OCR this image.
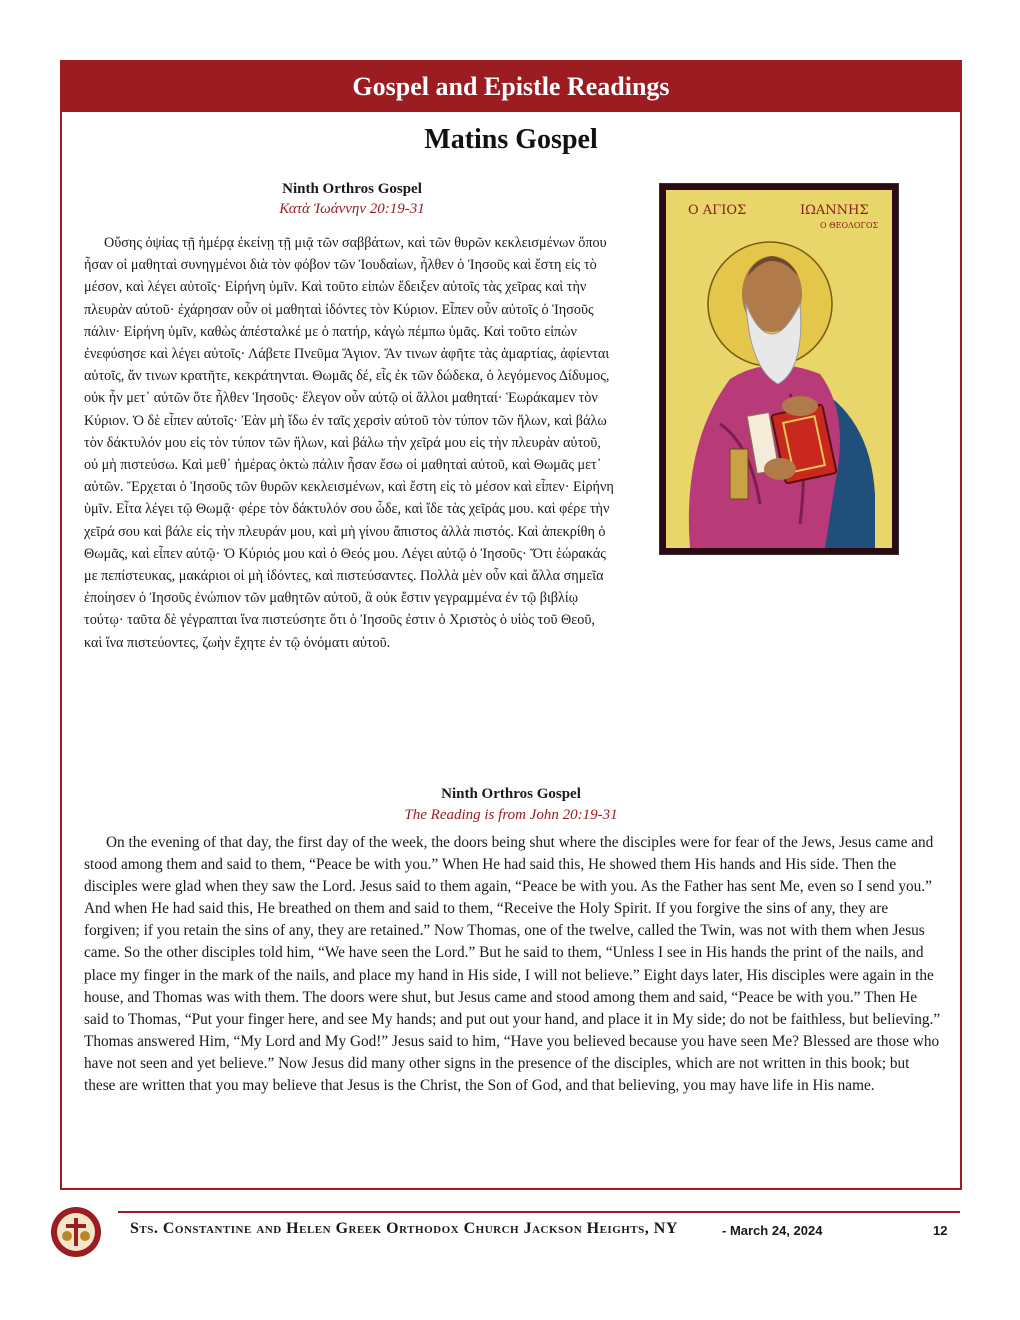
Gospel and Epistle Readings
Matins Gospel
Ninth Orthros Gospel
Κατὰ Ἰωάννην 20:19-31

Οὔσης ὀψίας τῇ ἡμέρᾳ ἐκείνῃ τῇ μιᾷ τῶν σαββάτων, καὶ τῶν θυρῶν κεκλεισμένων ὅπου ἦσαν οἱ μαθηταὶ συνηγμένοι διὰ τὸν φόβον τῶν Ἰουδαίων, ἦλθεν ὁ Ἰησοῦς καὶ ἔστη εἰς τὸ μέσον, καὶ λέγει αὐτοῖς· Εἰρήνη ὑμῖν. Καὶ τοῦτο εἰπὼν ἔδειξεν αὐτοῖς τὰς χεῖρας καὶ τὴν πλευρὰν αὐτοῦ· ἐχάρησαν οὖν οἱ μαθηταὶ ἰδόντες τὸν Κύριον. Εἶπεν οὖν αὐτοῖς ὁ Ἰησοῦς πάλιν· Εἰρήνη ὑμῖν, καθὼς ἀπέσταλκέ με ὁ πατήρ, κἀγὼ πέμπω ὑμᾶς. Καὶ τοῦτο εἰπὼν ἐνεφύσησε καὶ λέγει αὐτοῖς· Λάβετε Πνεῦμα Ἅγιον. Ἄν τινων ἀφῆτε τὰς ἁμαρτίας, ἀφίενται αὐτοῖς, ἄν τινων κρατῆτε, κεκράτηνται. Θωμᾶς δέ, εἷς ἐκ τῶν δώδεκα, ὁ λεγόμενος Δίδυμος, οὐκ ἦν μετ᾽ αὐτῶν ὅτε ἦλθεν Ἰησοῦς· ἔλεγον οὖν αὐτῷ οἱ ἄλλοι μαθηταί· Ἑωράκαμεν τὸν Κύριον. Ὁ δὲ εἶπεν αὐτοῖς· Ἐὰν μὴ ἴδω ἐν ταῖς χερσὶν αὐτοῦ τὸν τύπον τῶν ἥλων, καὶ βάλω τὸν δάκτυλόν μου εἰς τὸν τύπον τῶν ἥλων, καὶ βάλω τὴν χεῖρά μου εἰς τὴν πλευρὰν αὐτοῦ, οὐ μὴ πιστεύσω. Καὶ μεθ᾽ ἡμέρας ὀκτὼ πάλιν ἦσαν ἔσω οἱ μαθηταὶ αὐτοῦ, καὶ Θωμᾶς μετ᾽ αὐτῶν. Ἔρχεται ὁ Ἰησοῦς τῶν θυρῶν κεκλεισμένων, καὶ ἔστη εἰς τὸ μέσον καὶ εἶπεν· Εἰρήνη ὑμῖν. Εἶτα λέγει τῷ Θωμᾷ· φέρε τὸν δάκτυλόν σου ὧδε, καὶ ἴδε τὰς χεῖράς μου. καὶ φέρε τὴν χεῖρά σου καὶ βάλε εἰς τὴν πλευράν μου, καὶ μὴ γίνου ἄπιστος ἀλλὰ πιστός. Καὶ ἀπεκρίθη ὁ Θωμᾶς, καὶ εἶπεν αὐτῷ· Ὁ Κύριός μου καὶ ὁ Θεός μου. Λέγει αὐτῷ ὁ Ἰησοῦς· Ὅτι ἑώρακάς με πεπίστευκας, μακάριοι οἱ μὴ ἰδόντες, καὶ πιστεύσαντες. Πολλὰ μὲν οὖν καὶ ἄλλα σημεῖα ἐποίησεν ὁ Ἰησοῦς ἐνώπιον τῶν μαθητῶν αὐτοῦ, ἃ οὐκ ἔστιν γεγραμμένα ἐν τῷ βιβλίῳ τούτῳ· ταῦτα δὲ γέγραπται ἵνα πιστεύσητε ὅτι ὁ Ἰησοῦς ἐστιν ὁ Χριστὸς ὁ υἱὸς τοῦ Θεοῦ, καὶ ἵνα πιστεύοντες, ζωὴν ἔχητε ἐν τῷ ὀνόματι αὐτοῦ.

Ο ΑΓΙΟΣ	ΙΩΑΝΝΗΣ
Ο ΘΕΟΛΟΓΟΣ
Ninth Orthros Gospel
The Reading is from John 20:19-31

On the evening of that day, the first day of the week, the doors being shut where the disciples were for fear of the Jews, Jesus came and stood among them and said to them, “Peace be with you.” When He had said this, He showed them His hands and His side. Then the disciples were glad when they saw the Lord. Jesus said to them again, “Peace be with you. As the Father has sent Me, even so I send you.” And when He had said this, He breathed on them and said to them, “Receive the Holy Spirit. If you forgive the sins of any, they are forgiven; if you retain the sins of any, they are retained.” Now Thomas, one of the twelve, called the Twin, was not with them when Jesus came. So the other disciples told him, “We have seen the Lord.” But he said to them, “Unless I see in His hands the print of the nails, and place my finger in the mark of the nails, and place my hand in His side, I will not believe.” Eight days later, His disciples were again in the house, and Thomas was with them. The doors were shut, but Jesus came and stood among them and said, “Peace be with you.” Then He said to Thomas, “Put your finger here, and see My hands; and put out your hand, and place it in My side; do not be faithless, but believing.” Thomas answered Him, “My Lord and My God!” Jesus said to him, “Have you believed because you have seen Me? Blessed are those who have not seen and yet believe.” Now Jesus did many other signs in the presence of the disciples, which are not written in this book; but these are written that you may believe that Jesus is the Christ, the Son of God, and that believing, you may have life in His name.

Sts. Constantine and Helen Greek Orthodox Church Jackson Heights, NY	- March 24, 2024	12
